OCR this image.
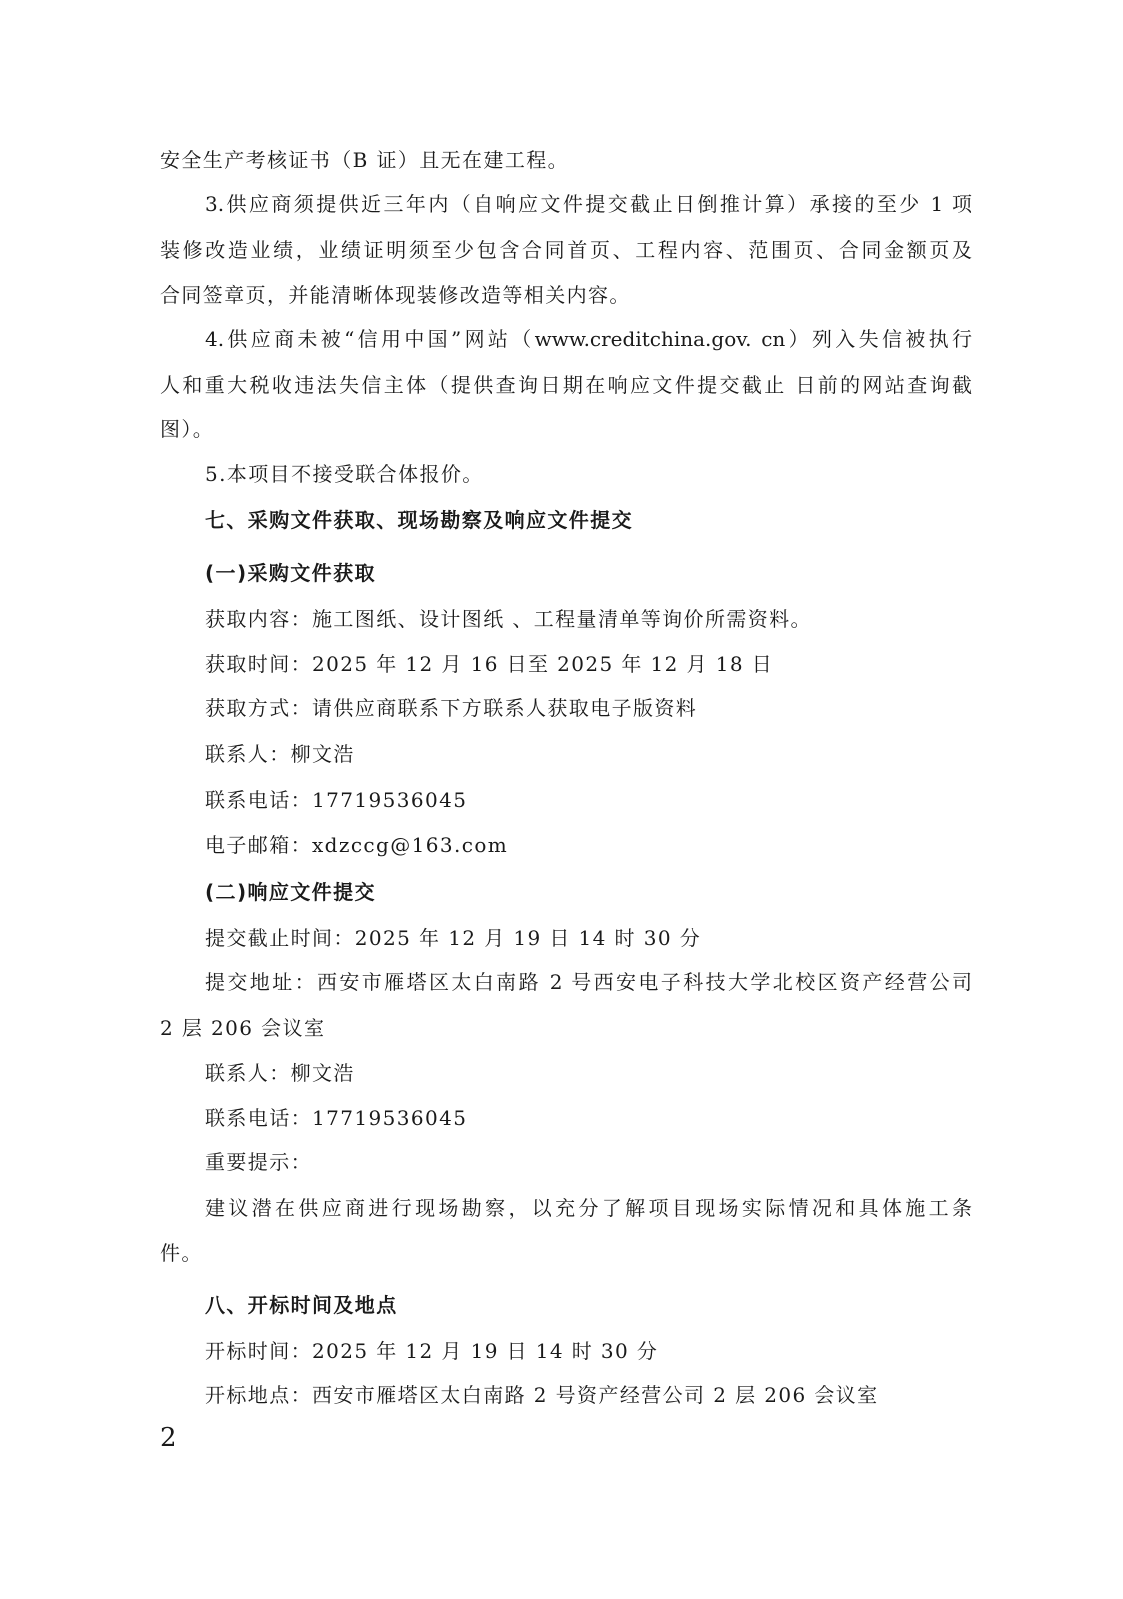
安全生产考核证书（B 证）且无在建工程。

3.供应商须提供近三年内（自响应文件提交截止日倒推计算）承接的至少 1 项

装修改造业绩，业绩证明须至少包含合同首页、工程内容、范围页、合同金额页及

合同签章页，并能清晰体现装修改造等相关内容。

4.供应商未被“信用中国”网站（www.creditchina.gov. cn）列入失信被执行

人和重大税收违法失信主体（提供查询日期在响应文件提交截止 日前的网站查询截

图）。

5.本项目不接受联合体报价。

七、采购文件获取、现场勘察及响应文件提交

(一)采购文件获取

获取内容：施工图纸、设计图纸 、工程量清单等询价所需资料。

获取时间：2025 年 12 月 16 日至 2025 年 12 月 18 日

获取方式：请供应商联系下方联系人获取电子版资料

联系人：柳文浩

联系电话：17719536045

电子邮箱：xdzccg@163.com

(二)响应文件提交

提交截止时间：2025 年 12 月 19 日 14 时 30 分

提交地址：西安市雁塔区太白南路 2 号西安电子科技大学北校区资产经营公司

2 层 206 会议室

联系人：柳文浩

联系电话：17719536045

重要提示：

建议潜在供应商进行现场勘察，以充分了解项目现场实际情况和具体施工条

件。

八、开标时间及地点

开标时间：2025 年 12 月 19 日 14 时 30 分

开标地点：西安市雁塔区太白南路 2 号资产经营公司 2 层 206 会议室

2
